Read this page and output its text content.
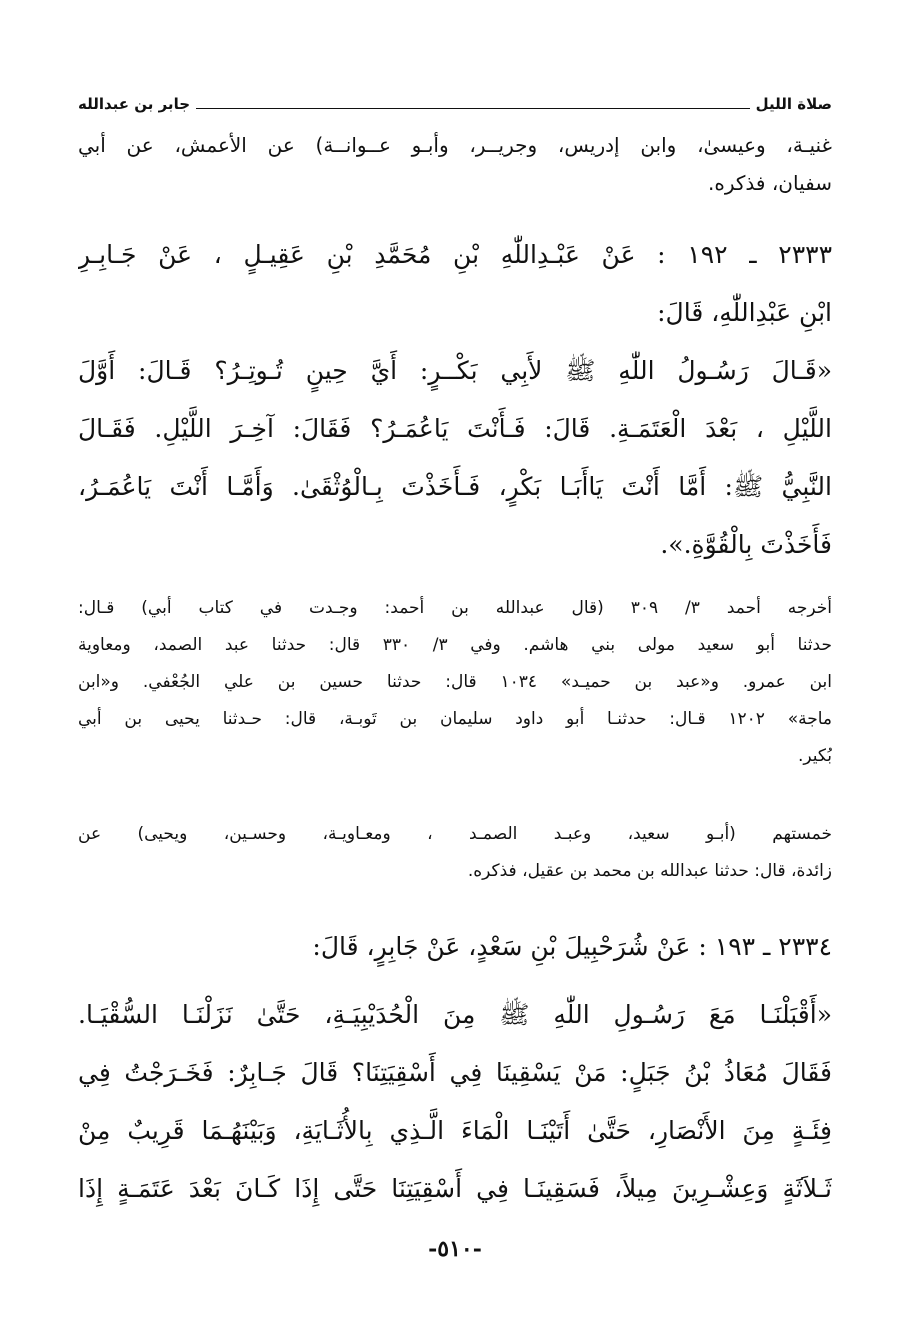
صلاة الليل
جابر بن عبدالله
غنيـة، وعيسىٰ، وابن إدريس، وجريــر، وأبـو عــوانــة) عن الأعمش، عن أبي
سفيان، فذكره.
٢٣٣٣ ـ ١٩٢ : عَنْ عَبْـدِاللّٰهِ بْنِ مُحَمَّدِ بْنِ عَقِيـلٍ ، عَنْ جَـابِـرِ
ابْنِ عَبْدِاللّٰهِ، قَالَ:
«قَـالَ رَسُـولُ اللّٰهِ ﷺ لأَبِي بَكْــرٍ: أَيَّ حِينٍ تُـوتِـرُ؟ قَـالَ: أَوَّلَ
اللَّيْلِ ، بَعْدَ الْعَتَمَـةِ. قَالَ: فَـأَنْتَ يَاعُمَـرُ؟ فَقَالَ: آخِـرَ اللَّيْلِ. فَقَـالَ
النَّبِيُّ ﷺ: أَمَّا أَنْتَ يَاأَبَـا بَكْرٍ، فَـأَخَذْتَ بِـالْوُثْقَىٰ. وَأَمَّـا أَنْتَ يَاعُمَـرُ،
فَأَخَذْتَ بِالْقُوَّةِ.».
أخرجه أحمد ٣/ ٣٠٩ (قال عبدالله بن أحمد: وجـدت في كتاب أبي) قـال:
حدثنا أبو سعيد مولى بني هاشم. وفي ٣/ ٣٣٠ قال: حدثنا عبد الصمد، ومعاوية
ابن عمرو. و«عبد بن حميـد» ١٠٣٤ قال: حدثنا حسين بن علي الجُعْفي. و«ابن
ماجة» ١٢٠٢ قـال: حدثنـا أبو داود سليمان بن تَوبـة، قال: حـدثنا يحيى بن أبي
بُكير.
خمستهم (أبـو سعيد، وعبـد الصمـد ، ومعـاويـة، وحسـين، ويحيى) عن
زائدة، قال: حدثنا عبدالله بن محمد بن عقيل، فذكره.
٢٣٣٤ ـ ١٩٣ : عَنْ شُرَحْبِيلَ بْنِ سَعْدٍ، عَنْ جَابِرٍ، قَالَ:
«أَقْبَلْنَـا مَعَ رَسُـولِ اللّٰهِ ﷺ مِنَ الْحُدَيْبِيَـةِ، حَتَّىٰ نَزَلْنَـا السُّقْيَـا.
فَقَالَ مُعَاذُ بْنُ جَبَلٍ: مَنْ يَسْقِينَا فِي أَسْقِيَتِنَا؟ قَالَ جَـابِرٌ: فَخَـرَجْتُ فِي
فِئَـةٍ مِنَ الأَنْصَارِ، حَتَّىٰ أَتَيْنَـا الْمَاءَ الَّـذِي بِالأُثَـايَةِ، وَبَيْنَهُـمَا قَرِيبٌ مِنْ
ثَـلاَثَةٍ وَعِشْـرِينَ مِيلاً، فَسَقِينَـا فِي أَسْقِيَتِنَا حَتَّى إِذَا كَـانَ بَعْدَ عَتَمَـةٍ إِذَا
-٥١٠-
